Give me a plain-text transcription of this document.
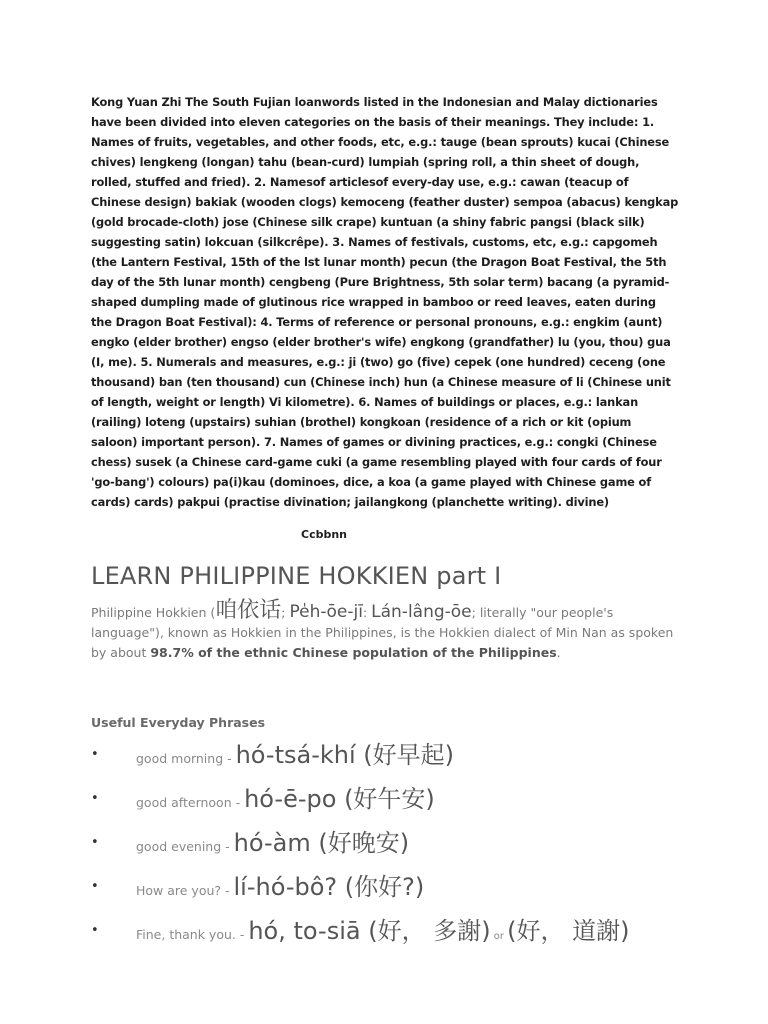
Kong Yuan Zhi The South Fujian loanwords listed in the Indonesian and Malay dictionaries have been divided into eleven categories on the basis of their meanings. They include: 1. Names of fruits, vegetables, and other foods, etc, e.g.: tauge (bean sprouts) kucai (Chinese chives) lengkeng (longan) tahu (bean-curd) lumpiah (spring roll, a thin sheet of dough, rolled, stuffed and fried). 2. Namesof articlesof every-day use, e.g.: cawan (teacup of Chinese design) bakiak (wooden clogs) kemoceng (feather duster) sempoa (abacus) kengkap (gold brocade-cloth) jose (Chinese silk crape) kuntuan (a shiny fabric pangsi (black silk) suggesting satin) lokcuan (silkcrêpe). 3. Names of festivals, customs, etc, e.g.: capgomeh (the Lantern Festival, 15th of the lst lunar month) pecun (the Dragon Boat Festival, the 5th day of the 5th lunar month) cengbeng (Pure Brightness, 5th solar term) bacang (a pyramid-shaped dumpling made of glutinous rice wrapped in bamboo or reed leaves, eaten during the Dragon Boat Festival): 4. Terms of reference or personal pronouns, e.g.: engkim (aunt) engko (elder brother) engso (elder brother's wife) engkong (grandfather) lu (you, thou) gua (I, me). 5. Numerals and measures, e.g.: ji (two) go (five) cepek (one hundred) ceceng (one thousand) ban (ten thousand) cun (Chinese inch) hun (a Chinese measure of li (Chinese unit of length, weight or length) Vi kilometre). 6. Names of buildings or places, e.g.: lankan (railing) loteng (upstairs) suhian (brothel) kongkoan (residence of a rich or kit (opium saloon) important person). 7. Names of games or divining practices, e.g.: congki (Chinese chess) susek (a Chinese card-game cuki (a game resembling played with four cards of four 'go-bang') colours) pa(i)kau (dominoes, dice, a koa (a game played with Chinese game of cards) cards) pakpui (practise divination; jailangkong (planchette writing). divine)

Ccbbnn
LEARN PHILIPPINE HOKKIEN part I

Philippine Hokkien (咱依话; Pe̍h-ōe-jī: Lán-lâng-ōe; literally "our people's language"), known as Hokkien in the Philippines, is the Hokkien dialect of Min Nan as spoken by about 98.7% of the ethnic Chinese population of the Philippines.

Useful Everyday Phrases
• good morning - hó-tsá-khí (好早起)
• good afternoon - hó-ē-po (好午安)
• good evening - hó-àm (好晚安)
• How are you? - lí-hó-bô? (你好?)
• Fine, thank you. - hó, to-siā (好， 多謝) or (好， 道謝)
